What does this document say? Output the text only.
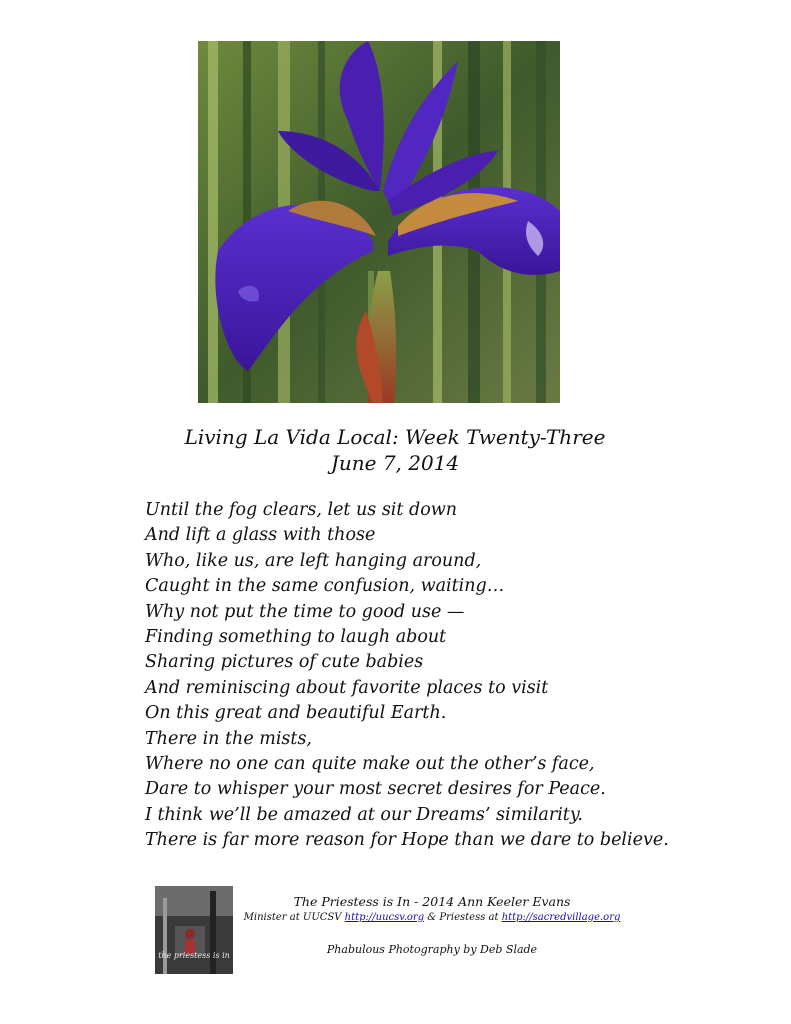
Living La Vida Local: Week Twenty-Three
June 7, 2014
Until the fog clears, let us sit down
And lift a glass with those
Who, like us, are left hanging around,
Caught in the same confusion, waiting…
Why not put the time to good use —
Finding something to laugh about
Sharing pictures of cute babies
And reminiscing about favorite places to visit
On this great and beautiful Earth.
There in the mists,
Where no one can quite make out the other’s face,
Dare to whisper your most secret desires for Peace.
I think we’ll be amazed at our Dreams’ similarity.
There is far more reason for Hope than we dare to believe.
the priestess is in
The Priestess is In - 2014 Ann Keeler Evans
Minister at UUCSV http://uucsv.org & Priestess at http://sacredvillage.org
Phabulous Photography by Deb Slade
